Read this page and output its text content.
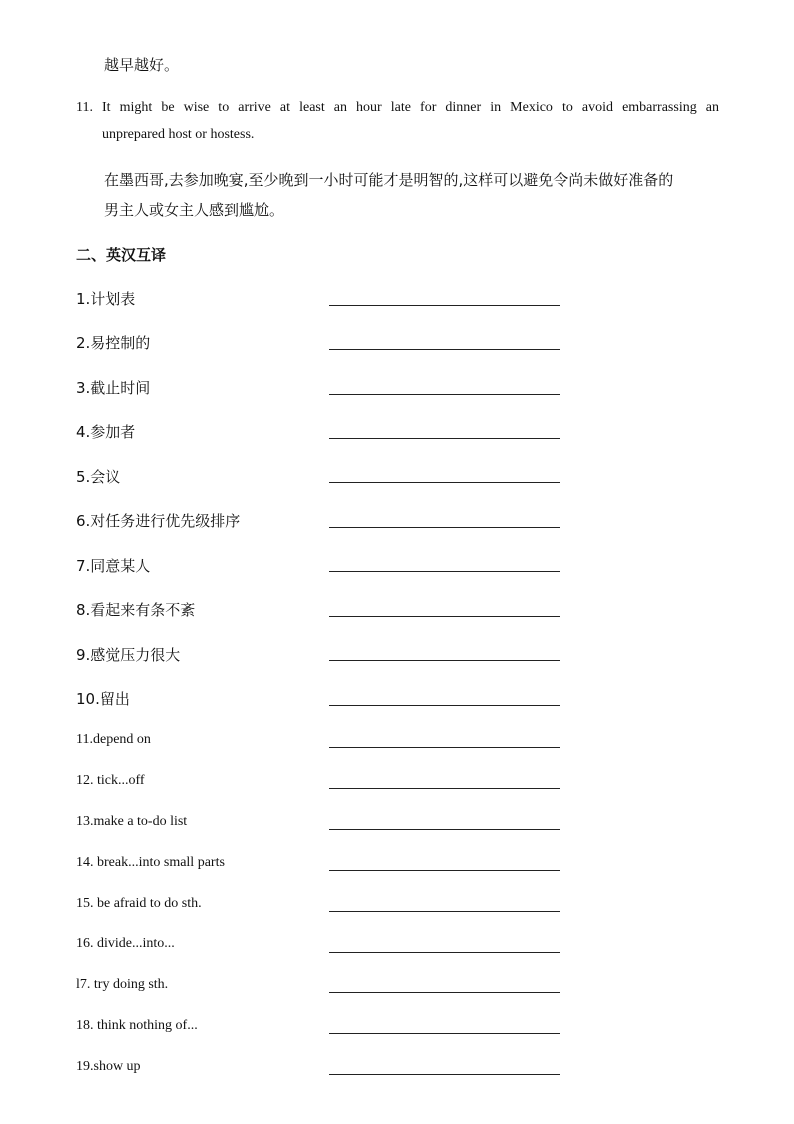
越早越好。
11. It might be wise to arrive at least an hour late for dinner in Mexico to avoid embarrassing an
unprepared host or hostess.
在墨西哥,去参加晚宴,至少晚到一小时可能才是明智的,这样可以避免令尚未做好准备的
男主人或女主人感到尴尬。
二、英汉互译
1.计划表
2.易控制的
3.截止时间
4.参加者
5.会议
6.对任务进行优先级排序
7.同意某人
8.看起来有条不紊
9.感觉压力很大
10.留出
11.depend on
12. tick...off
13.make a to-do list
14. break...into small parts
15. be afraid to do sth.
16. divide...into...
l7. try doing sth.
18. think nothing of...
19.show up
